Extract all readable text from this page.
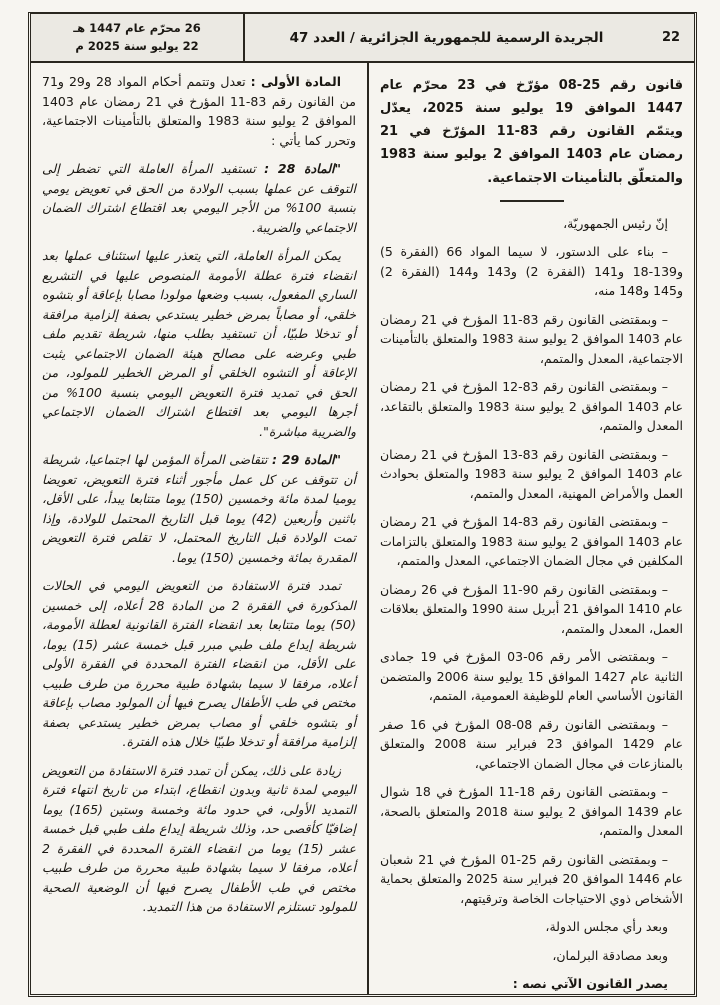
22
الجريدة الرسمية للجمهورية الجزائرية / العدد 47
26 محرّم عام 1447 هـ
22 يوليو سنة 2025 م
قانون رقم 25‏-‏08 مؤرّخ في 23 محرّم عام 1447 الموافق 19 يوليو سنة 2025، يعدّل ويتمّم القانون رقم 83‏-‏11 المؤرّخ في 21 رمضان عام 1403 الموافق 2 يوليو سنة 1983 والمتعلّق بالتأمينات الاجتماعية.

إنّ رئيس الجمهوريّة،

– بناء على الدستور، لا سيما المواد 66 (الفقرة 5) و139‏-‏18 و141 (الفقرة 2) و143 و144 (الفقرة 2) و145 و148 منه،

– وبمقتضى القانون رقم 83‏-‏11 المؤرخ في 21 رمضان عام 1403 الموافق 2 يوليو سنة 1983 والمتعلق بالتأمينات الاجتماعية، المعدل والمتمم،

– وبمقتضى القانون رقم 83‏-‏12 المؤرخ في 21 رمضان عام 1403 الموافق 2 يوليو سنة 1983 والمتعلق بالتقاعد، المعدل والمتمم،

– وبمقتضى القانون رقم 83‏-‏13 المؤرخ في 21 رمضان عام 1403 الموافق 2 يوليو سنة 1983 والمتعلق بحوادث العمل والأمراض المهنية، المعدل والمتمم،

– وبمقتضى القانون رقم 83‏-‏14 المؤرخ في 21 رمضان عام 1403 الموافق 2 يوليو سنة 1983 والمتعلق بالتزامات المكلفين في مجال الضمان الاجتماعي، المعدل والمتمم،

– وبمقتضى القانون رقم 90‏-‏11 المؤرخ في 26 رمضان عام 1410 الموافق 21 أبريل سنة 1990 والمتعلق بعلاقات العمل، المعدل والمتمم،

– وبمقتضى الأمر رقم 06‏-‏03 المؤرخ في 19 جمادى الثانية عام 1427 الموافق 15 يوليو سنة 2006 والمتضمن القانون الأساسي العام للوظيفة العمومية، المتمم،

– وبمقتضى القانون رقم 08‏-‏08 المؤرخ في 16 صفر عام 1429 الموافق 23 فبراير سنة 2008 والمتعلق بالمنازعات في مجال الضمان الاجتماعي،

– وبمقتضى القانون رقم 18‏-‏11 المؤرخ في 18 شوال عام 1439 الموافق 2 يوليو سنة 2018 والمتعلق بالصحة، المعدل والمتمم،

– وبمقتضى القانون رقم 25‏-‏01 المؤرخ في 21 شعبان عام 1446 الموافق 20 فبراير سنة 2025 والمتعلق بحماية الأشخاص ذوي الاحتياجات الخاصة وترقيتهم،

وبعد رأي مجلس الدولة،

وبعد مصادقة البرلمان،

يصدر القانون الآتي نصه :

المادة الأولى : تعدل وتتمم أحكام المواد 28 و29 و71 من القانون رقم 83‏-‏11 المؤرخ في 21 رمضان عام 1403 الموافق 2 يوليو سنة 1983 والمتعلق بالتأمينات الاجتماعية، وتحرر كما يأتي :

"المادة 28 : تستفيد المرأة العاملة التي تضطر إلى التوقف عن عملها بسبب الولادة من الحق في تعويض يومي بنسبة 100‏% من الأجر اليومي بعد اقتطاع اشتراك الضمان الاجتماعي والضريبة.

يمكن المرأة العاملة، التي يتعذر عليها استئناف عملها بعد انقضاء فترة عطلة الأمومة المنصوص عليها في التشريع الساري المفعول، بسبب وضعها مولودا مصابا بإعاقة أو بتشوه خلقي، أو مصاباً بمرض خطير يستدعي بصفة إلزامية مرافقة أو تدخلا طبيّا، أن تستفيد بطلب منها، شريطة تقديم ملف طبي وعرضه على مصالح هيئة الضمان الاجتماعي يثبت الإعاقة أو التشوه الخلقي أو المرض الخطير للمولود، من الحق في تمديد فترة التعويض اليومي بنسبة 100‏% من أجرها اليومي بعد اقتطاع اشتراك الضمان الاجتماعي والضريبة مباشرة".

"المادة 29 : تتقاضى المرأة المؤمن لها اجتماعيا، شريطة أن تتوقف عن كل عمل مأجور أثناء فترة التعويض، تعويضا يوميا لمدة مائة وخمسين (150) يوما متتابعا يبدأ، على الأقل، باثنين وأربعين (42) يوما قبل التاريخ المحتمل للولادة، وإذا تمت الولادة قبل التاريخ المحتمل، لا تقلص فترة التعويض المقدرة بمائة وخمسين (150) يوما.

تمدد فترة الاستفادة من التعويض اليومي في الحالات المذكورة في الفقرة 2 من المادة 28 أعلاه، إلى خمسين (50) يوما متتابعا بعد انقضاء الفترة القانونية لعطلة الأمومة، شريطة إيداع ملف طبي مبرر قبل خمسة عشر (15) يوما، على الأقل، من انقضاء الفترة المحددة في الفقرة الأولى أعلاه، مرفقا لا سيما بشهادة طبية محررة من طرف طبيب مختص في طب الأطفال يصرح فيها أن المولود مصاب بإعاقة أو بتشوه خلقي أو مصاب بمرض خطير يستدعي بصفة إلزامية مرافقة أو تدخلا طبيّا خلال هذه الفترة.

زيادة على ذلك، يمكن أن تمدد فترة الاستفادة من التعويض اليومي لمدة ثانية وبدون انقطاع، ابتداء من تاريخ انتهاء فترة التمديد الأولى، في حدود مائة وخمسة وستين (165) يوما إضافيّا كأقصى حد، وذلك شريطة إيداع ملف طبي قبل خمسة عشر (15) يوما من انقضاء الفترة المحددة في الفقرة 2 أعلاه، مرفقا لا سيما بشهادة طبية محررة من طرف طبيب مختص في طب الأطفال يصرح فيها أن الوضعية الصحية للمولود تستلزم الاستفادة من هذا التمديد.
